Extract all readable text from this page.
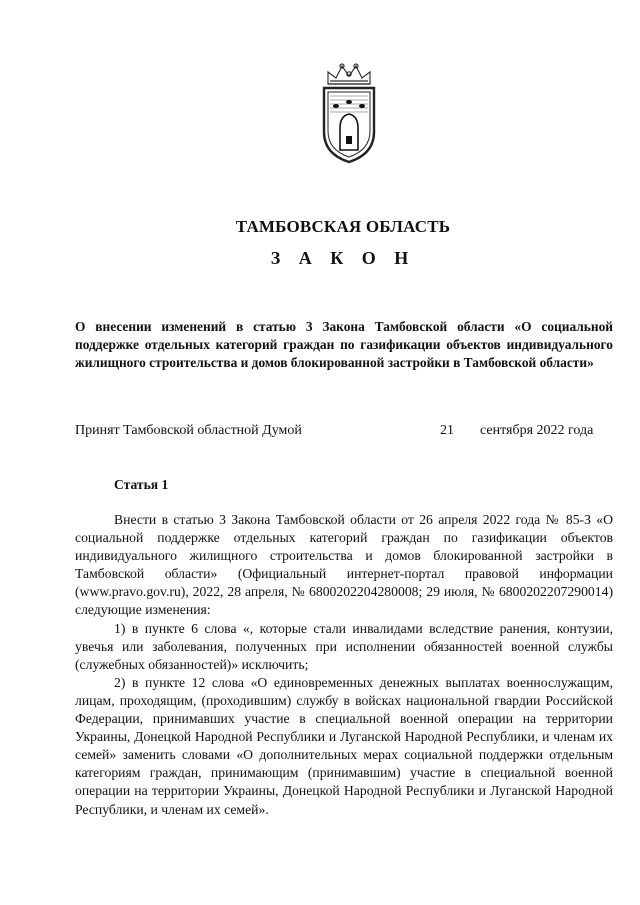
ТАМБОВСКАЯ ОБЛАСТЬ
З А К О Н
О внесении изменений в статью 3 Закона Тамбовской области «О социальной поддержке отдельных категорий граждан по газификации объектов индивидуального жилищного строительства и домов блокированной застройки в Тамбовской области»
Принят Тамбовской областной Думой	21 сентября 2022 года
Статья 1

Внести в статью 3 Закона Тамбовской области от 26 апреля 2022 года № 85-З «О социальной поддержке отдельных категорий граждан по газификации объектов индивидуального жилищного строительства и домов блокированной застройки в Тамбовской области» (Официальный интернет-портал правовой информации (www.pravo.gov.ru), 2022, 28 апреля, № 6800202204280008; 29 июля, № 6800202207290014) следующие изменения:

1) в пункте 6 слова «, которые стали инвалидами вследствие ранения, контузии, увечья или заболевания, полученных при исполнении обязанностей военной службы (служебных обязанностей)» исключить;

2) в пункте 12 слова «О единовременных денежных выплатах военнослужащим, лицам, проходящим, (проходившим) службу в войсках национальной гвардии Российской Федерации, принимавших участие в специальной военной операции на территории Украины, Донецкой Народной Республики и Луганской Народной Республики, и членам их семей» заменить словами «О дополнительных мерах социальной поддержки отдельным категориям граждан, принимающим (принимавшим) участие в специальной военной операции на территории Украины, Донецкой Народной Республики и Луганской Народной Республики, и членам их семей».
